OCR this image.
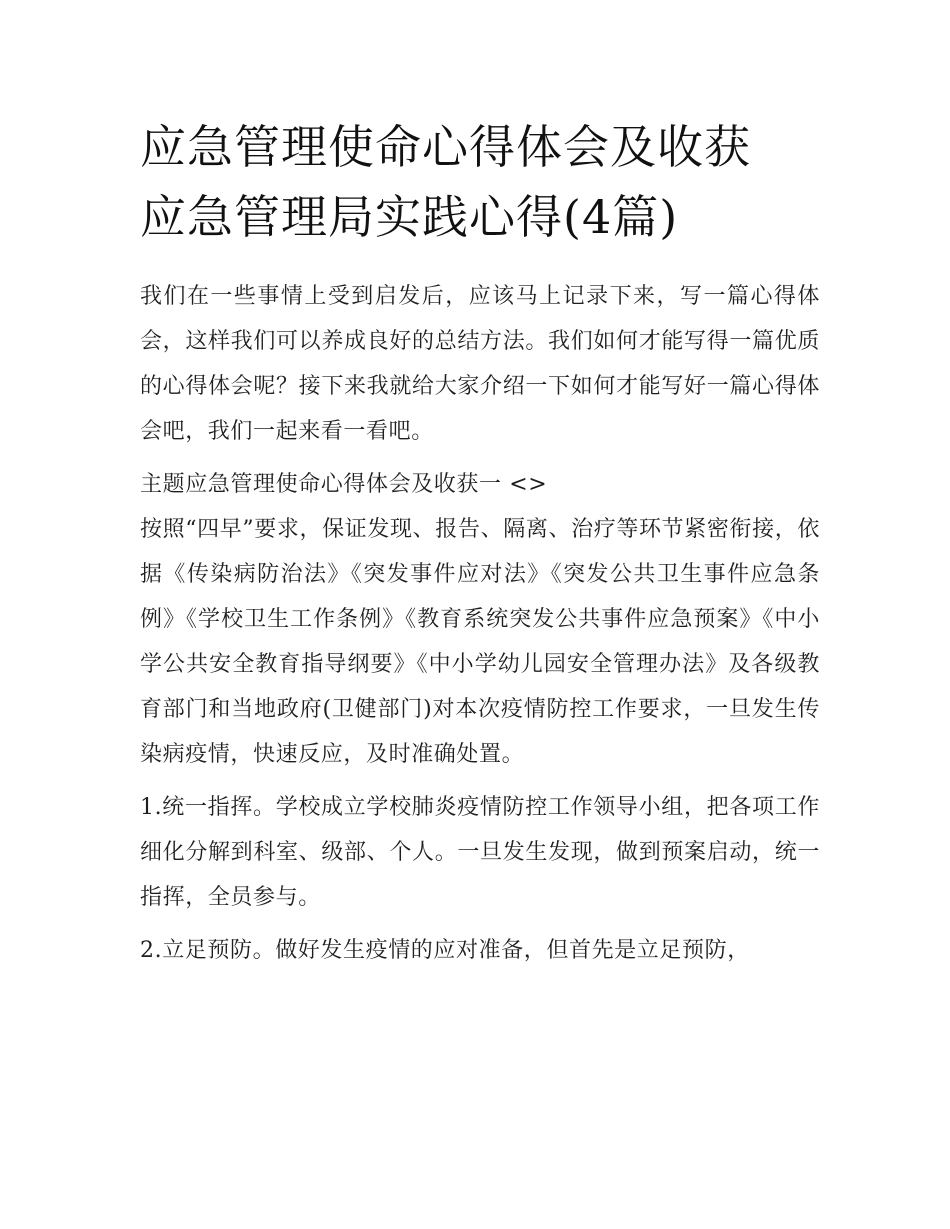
应急管理使命心得体会及收获
应急管理局实践心得(4篇)

我们在一些事情上受到启发后，应该马上记录下来，写一篇心得体会，这样我们可以养成良好的总结方法。我们如何才能写得一篇优质的心得体会呢？接下来我就给大家介绍一下如何才能写好一篇心得体会吧，我们一起来看一看吧。

主题应急管理使命心得体会及收获一 <>

按照“四早”要求，保证发现、报告、隔离、治疗等环节紧密衔接，依据《传染病防治法》《突发事件应对法》《突发公共卫生事件应急条例》《学校卫生工作条例》《教育系统突发公共事件应急预案》《中小学公共安全教育指导纲要》《中小学幼儿园安全管理办法》及各级教育部门和当地政府(卫健部门)对本次疫情防控工作要求，一旦发生传染病疫情，快速反应，及时准确处置。

1.统一指挥。学校成立学校肺炎疫情防控工作领导小组，把各项工作细化分解到科室、级部、个人。一旦发生发现，做到预案启动，统一指挥，全员参与。

2.立足预防。做好发生疫情的应对准备，但首先是立足预防，
